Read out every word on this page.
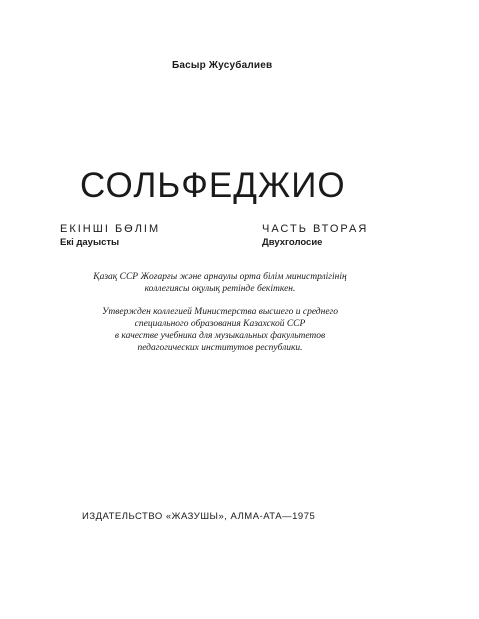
Басыр Жусубалиев
СОЛЬФЕДЖИО
ЕКІНШІ БӨЛІМ	ЧАСТЬ ВТОРАЯ
Екі дауысты	Двухголосие
Қазақ ССР Жоғарғы және арнаулы орта білім министрлігінің
коллегиясы оқулық ретінде бекіткен.
Утвержден коллегией Министерства высшего и среднего
специального образования Казахской ССР
в качестве учебника для музыкальных факультетов
педагогических институтов республики.
ИЗДАТЕЛЬСТВО «ЖАЗУШЫ», АЛМА-АТА—1975
